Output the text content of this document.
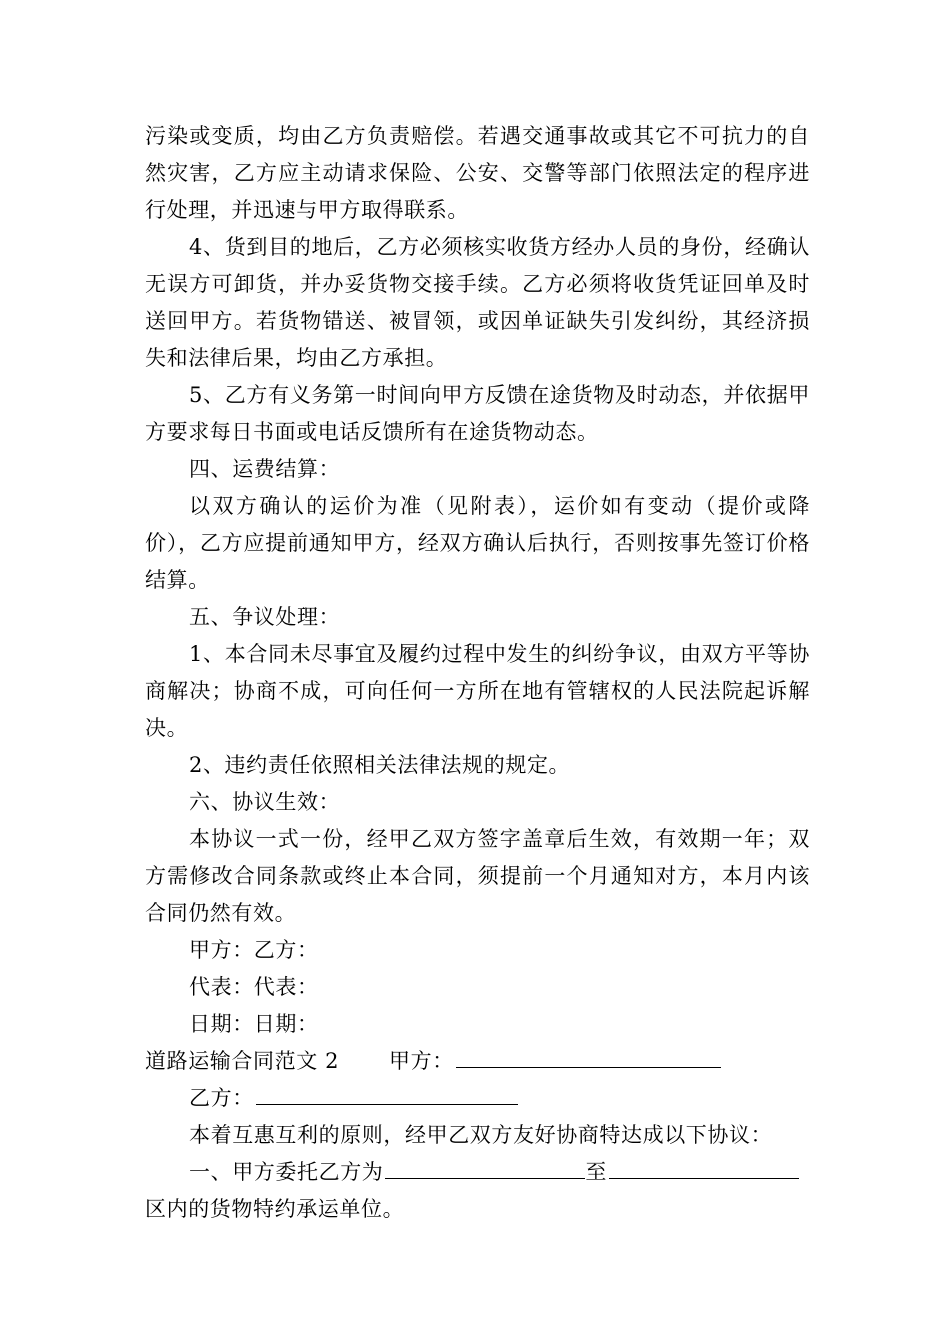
污染或变质，均由乙方负责赔偿。若遇交通事故或其它不可抗力的自然灾害，乙方应主动请求保险、公安、交警等部门依照法定的程序进行处理，并迅速与甲方取得联系。

4、货到目的地后，乙方必须核实收货方经办人员的身份，经确认无误方可卸货，并办妥货物交接手续。乙方必须将收货凭证回单及时送回甲方。若货物错送、被冒领，或因单证缺失引发纠纷，其经济损失和法律后果，均由乙方承担。

5、乙方有义务第一时间向甲方反馈在途货物及时动态，并依据甲方要求每日书面或电话反馈所有在途货物动态。

四、运费结算：

以双方确认的运价为准（见附表），运价如有变动（提价或降价），乙方应提前通知甲方，经双方确认后执行，否则按事先签订价格结算。

五、争议处理：

1、本合同未尽事宜及履约过程中发生的纠纷争议，由双方平等协商解决；协商不成，可向任何一方所在地有管辖权的人民法院起诉解决。

2、违约责任依照相关法律法规的规定。

六、协议生效：

本协议一式一份，经甲乙双方签字盖章后生效，有效期一年；双方需修改合同条款或终止本合同，须提前一个月通知对方，本月内该合同仍然有效。

甲方：乙方：

代表：代表：

日期：日期：

道路运输合同范文 2 甲方：

乙方：

本着互惠互利的原则，经甲乙双方友好协商特达成以下协议：

一、甲方委托乙方为	至

区内的货物特约承运单位。
